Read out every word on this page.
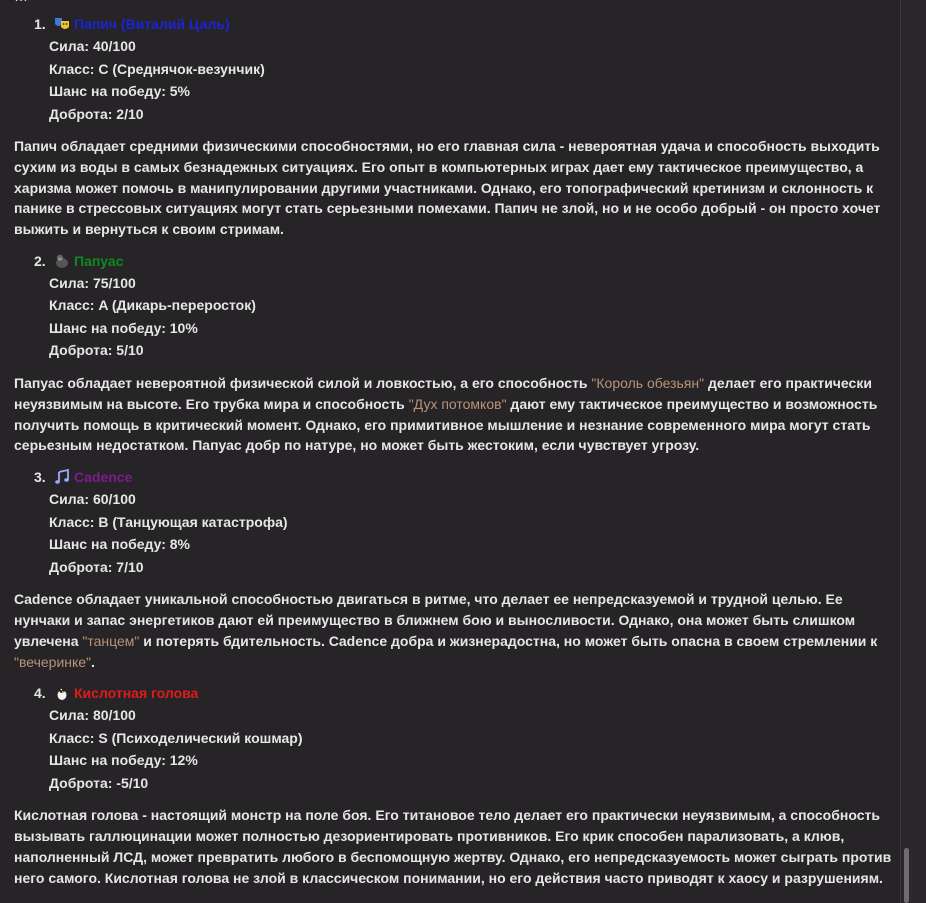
1.	Папич (Виталий Цаль)
Сила: 40/100
Класс: C (Среднячок-везунчик)
Шанс на победу: 5%
Доброта: 2/10
Папич обладает средними физическими способностями, но его главная сила - невероятная удача и способность выходить сухим из воды в самых безнадежных ситуациях. Его опыт в компьютерных играх дает ему тактическое преимущество, а харизма может помочь в манипулировании другими участниками. Однако, его топографический кретинизм и склонность к панике в стрессовых ситуациях могут стать серьезными помехами. Папич не злой, но и не особо добрый - он просто хочет выжить и вернуться к своим стримам.
2.	Папуас
Сила: 75/100
Класс: A (Дикарь-переросток)
Шанс на победу: 10%
Доброта: 5/10
Папуас обладает невероятной физической силой и ловкостью, а его способность "Король обезьян" делает его практически неуязвимым на высоте. Его трубка мира и способность "Дух потомков" дают ему тактическое преимущество и возможность получить помощь в критический момент. Однако, его примитивное мышление и незнание современного мира могут стать серьезным недостатком. Папуас добр по натуре, но может быть жестоким, если чувствует угрозу.
3.	Cadence
Сила: 60/100
Класс: B (Танцующая катастрофа)
Шанс на победу: 8%
Доброта: 7/10
Cadence обладает уникальной способностью двигаться в ритме, что делает ее непредсказуемой и трудной целью. Ее нунчаки и запас энергетиков дают ей преимущество в ближнем бою и выносливости. Однако, она может быть слишком увлечена "танцем" и потерять бдительность. Cadence добра и жизнерадостна, но может быть опасна в своем стремлении к "вечеринке".
4.	Кислотная голова
Сила: 80/100
Класс: S (Психоделический кошмар)
Шанс на победу: 12%
Доброта: -5/10
Кислотная голова - настоящий монстр на поле боя. Его титановое тело делает его практически неуязвимым, а способность вызывать галлюцинации может полностью дезориентировать противников. Его крик способен парализовать, а клюв, наполненный ЛСД, может превратить любого в беспомощную жертву. Однако, его непредсказуемость может сыграть против него самого. Кислотная голова не злой в классическом понимании, но его действия часто приводят к хаосу и разрушениям.
